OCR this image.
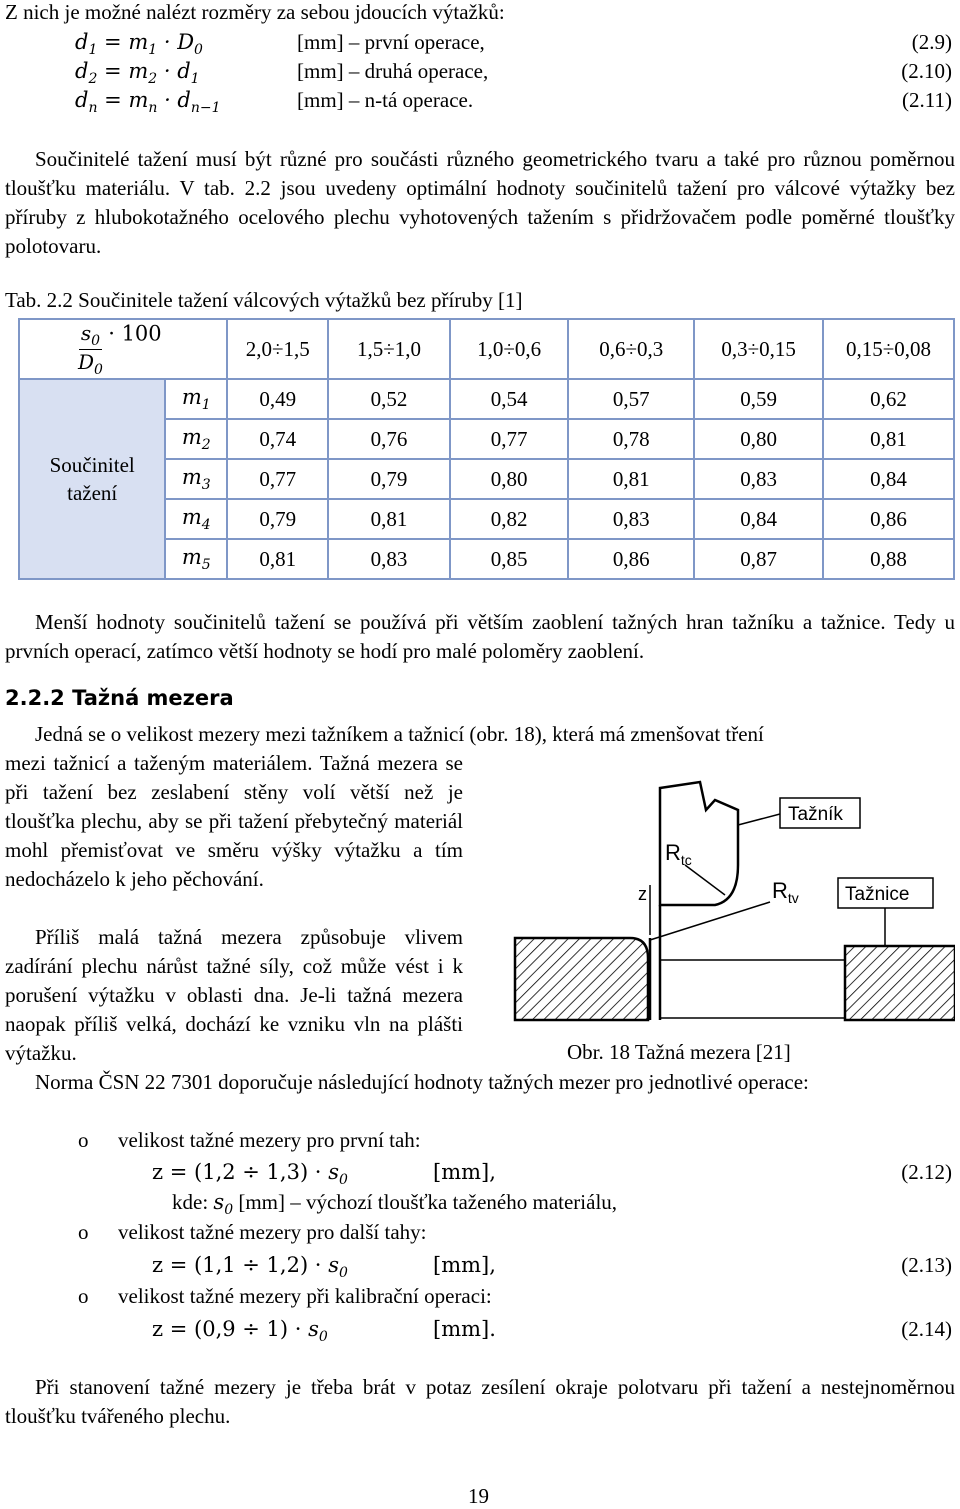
Z nich je možné nalézt rozměry za sebou jdoucích výtažků:
$d_1 = m_1 \cdot D_0$	[mm] – první operace,	(2.9)
$d_2 = m_2 \cdot d_1$	[mm] – druhá operace,	(2.10)
$d_n = m_n \cdot d_{n-1}$	[mm] – n-tá operace.	(2.11)
Součinitelé tažení musí být různé pro součásti různého geometrického tvaru a také pro různou poměrnou tloušťku materiálu. V tab. 2.2 jsou uvedeny optimální hodnoty součinitelů tažení pro válcové výtažky bez příruby z hlubokotažného ocelového plechu vyhotovených tažením s přidržovačem podle poměrné tloušťky polotovaru.
Tab. 2.2 Součinitele tažení válcových výtažků bez příruby [1]
$\frac{s_0}{D_0} \cdot 100$		2,0÷1,5	1,5÷1,0	1,0÷0,6	0,6÷0,3	0,3÷0,15	0,15÷0,08
Součinitel tažení	$m_1$	0,49	0,52	0,54	0,57	0,59	0,62
	$m_2$	0,74	0,76	0,77	0,78	0,80	0,81
	$m_3$	0,77	0,79	0,80	0,81	0,83	0,84
	$m_4$	0,79	0,81	0,82	0,83	0,84	0,86
	$m_5$	0,81	0,83	0,85	0,86	0,87	0,88
Menší hodnoty součinitelů tažení se používá při větším zaoblení tažných hran tažníku a tažnice. Tedy u prvních operací, zatímco větší hodnoty se hodí pro malé poloměry zaoblení.
2.2.2 Tažná mezera
Jedná se o velikost mezery mezi tažníkem a tažnicí (obr. 18), která má zmenšovat tření
mezi tažnicí a taženým materiálem. Tažná mezera se při tažení bez zeslabení stěny volí větší než je tloušťka plechu, aby se při tažení přebytečný materiál mohl přemisťovat ve směru výšky výtažku a tím nedocházelo k jeho pěchování.
Příliš malá tažná mezera způsobuje vlivem zadírání plechu nárůst tažné síly, což může vést i k porušení výtažku v oblasti dna. Je-li tažná mezera naopak příliš velká, dochází ke vzniku vln na plášti výtažku.
z
$R_{tc}$
$R_{tv}$
Tažník
Tažnice
Obr. 18 Tažná mezera [21]
Norma ČSN 22 7301 doporučuje následující hodnoty tažných mezer pro jednotlivé operace:
o velikost tažné mezery pro první tah:
$z = (1,2 \div 1,3) \cdot s_0$	[mm],	(2.12)
kde: $s_0$ [mm] – výchozí tloušťka taženého materiálu,
o velikost tažné mezery pro další tahy:
$z = (1,1 \div 1,2) \cdot s_0$	[mm],	(2.13)
o velikost tažné mezery při kalibrační operaci:
$z = (0,9 \div 1) \cdot s_0$	[mm].	(2.14)
Při stanovení tažné mezery je třeba brát v potaz zesílení okraje polotvaru při tažení a nestejnoměrnou tloušťku tvářeného plechu.
19
